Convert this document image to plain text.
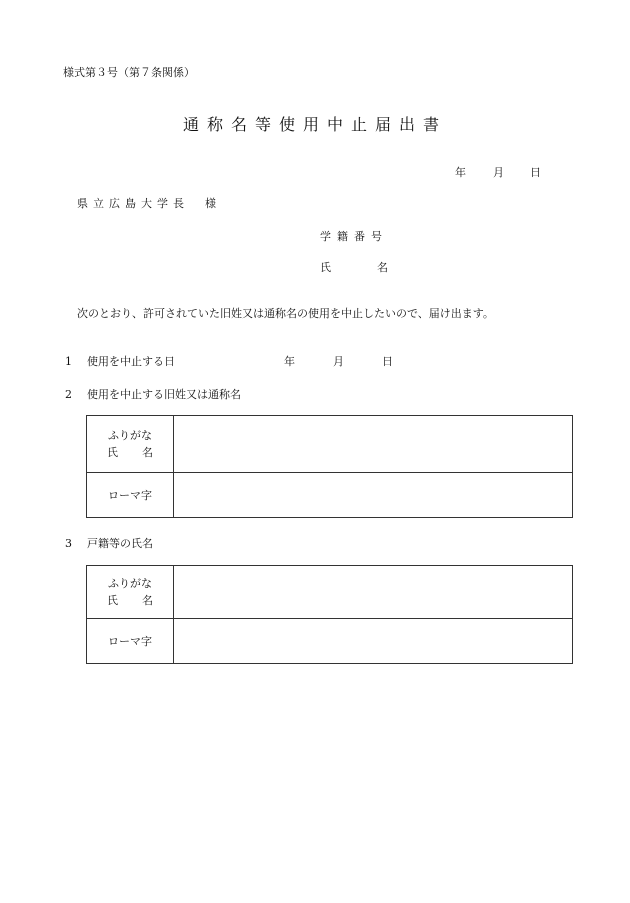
様式第３号（第７条関係）
通称名等使用中止届出書
年 月 日
県立広島大学長　様
学籍番号
氏	名
次のとおり、許可されていた旧姓又は通称名の使用を中止したいので、届け出ます。
1 使用を中止する日	年	月	日
2 使用を中止する旧姓又は通称名
ふりがな
氏 名	

ローマ字	
3 戸籍等の氏名
ふりがな
氏 名	

ローマ字	
